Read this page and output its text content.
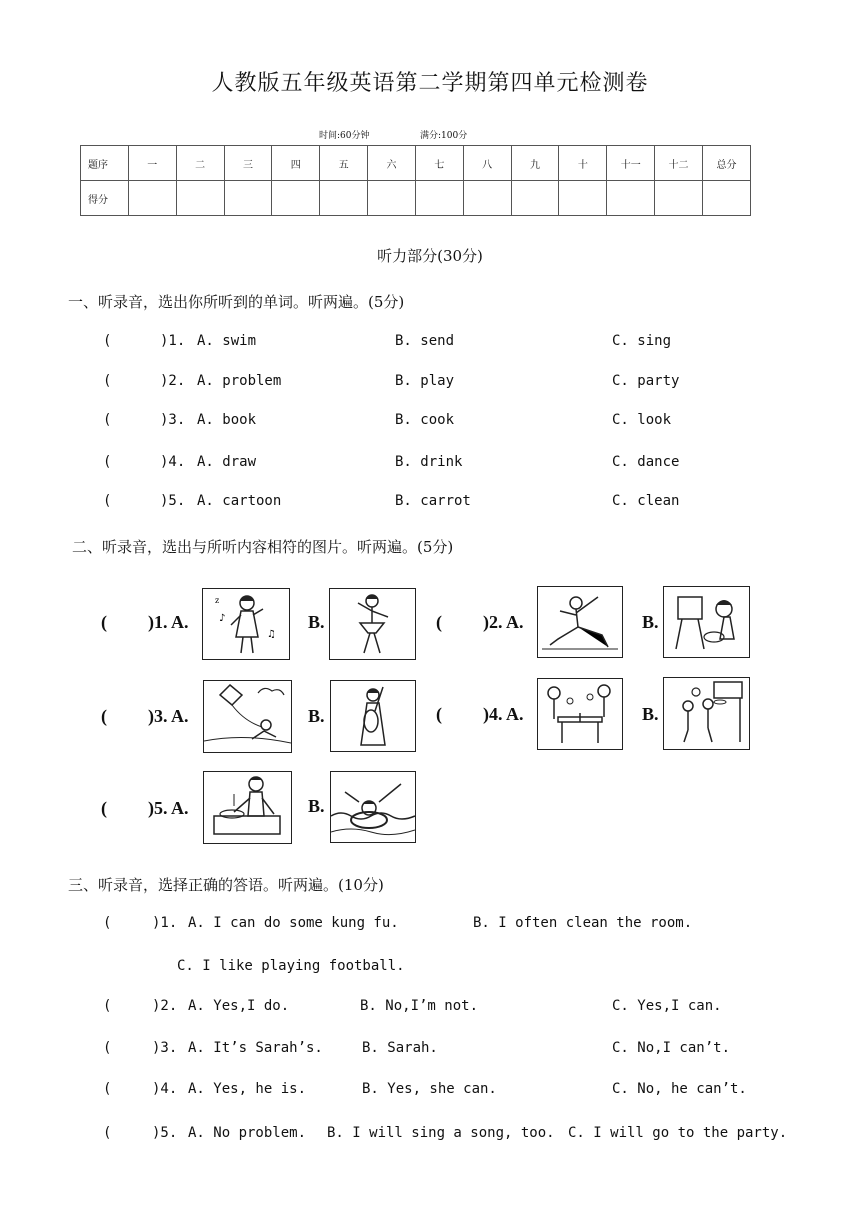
人教版五年级英语第二学期第四单元检测卷
时间:60分钟	满分:100分
题序	一	二	三	四	五	六	七	八	九	十	十一	十二	总分
得分													
听力部分(30分)
一、听录音，选出你所听到的单词。听两遍。(5分)
(	)1. A. swim	B. send	C. sing
(	)2. A. problem	B. play	C. party
(	)3. A. book	B. cook	C. look
(	)4. A. draw	B. drink	C. dance
(	)5. A. cartoon	B. carrot	C. clean
二、听录音，选出与所听内容相符的图片。听两遍。(5分)
( )1. A.	♪
♫
z
B.	( )2. A.	B.
( )3. A.	B.	( )4. A.	B.
( )5. A.	B.
三、听录音，选择正确的答语。听两遍。(10分)
(	)1. A. I can do some kung fu.	B. I often clean the room.
C. I like playing football.
(	)2. A. Yes,I do.	B. No,I’m not.	C. Yes,I can.
(	)3. A. It’s Sarah’s.	B. Sarah.	C. No,I can’t.
(	)4. A. Yes, he is.	B. Yes, she can.	C. No, he can’t.
(	)5. A. No problem. B. I will sing a song, too. C. I will go to the party.
